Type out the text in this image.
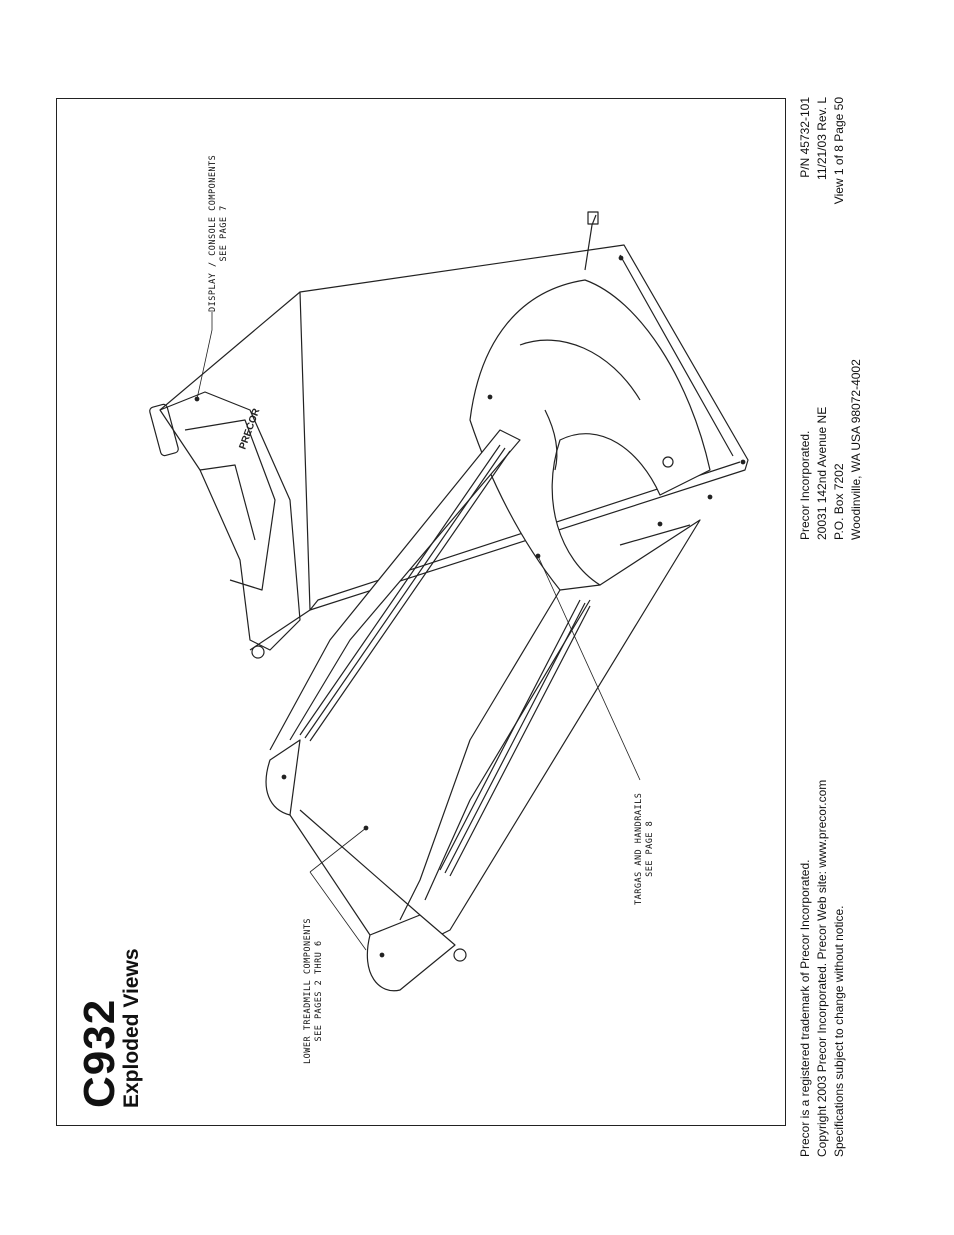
PRECOR
C932
Exploded Views
DISPLAY / CONSOLE COMPONENTS SEE PAGE 7
LOWER TREADMILL COMPONENTS SEE PAGES 2 THRU 6
TARGAS AND HANDRAILS SEE PAGE 8
Precor is a registered trademark of Precor Incorporated. Copyright 2003 Precor Incorporated. Precor Web site: www.precor.com Specifications subject to change without notice.
Precor Incorporated. 20031 142nd Avenue NE P.O. Box 7202 Woodinville, WA USA 98072-4002
P/N 45732-101 11/21/03 Rev. L View 1 of 8 Page 50
